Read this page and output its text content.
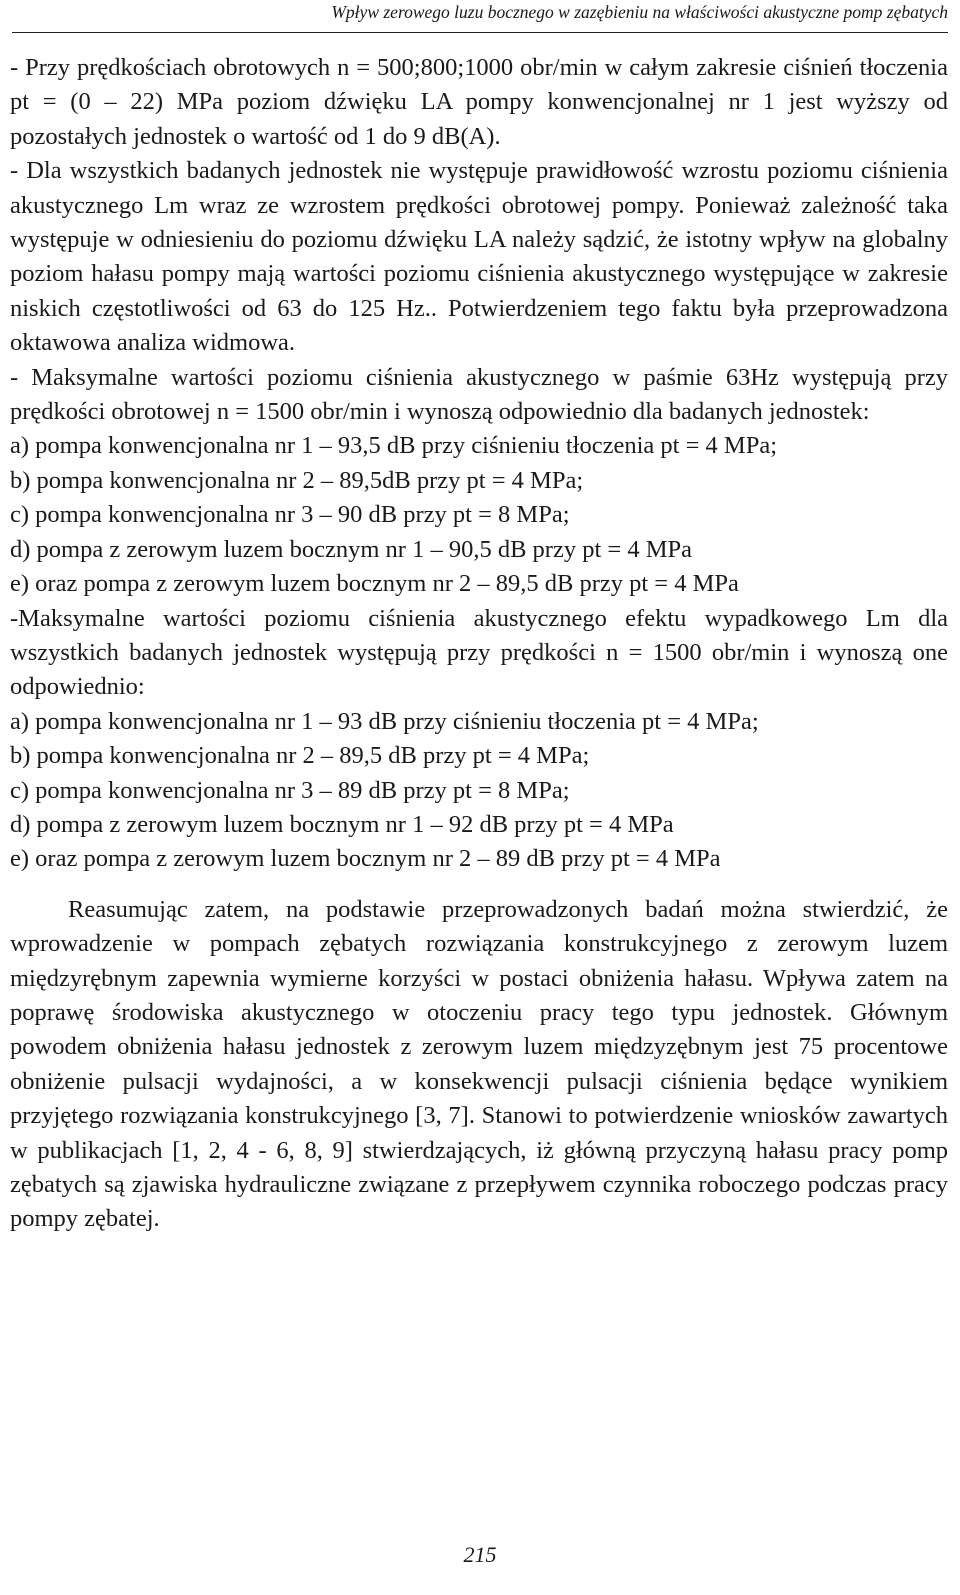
Wpływ zerowego luzu bocznego w zazębieniu na właściwości akustyczne pomp zębatych

- Przy prędkościach obrotowych n = 500;800;1000 obr/min w całym zakresie ciśnień tłoczenia pt = (0 – 22) MPa poziom dźwięku LA pompy konwencjonalnej nr 1 jest wyższy od pozostałych jednostek o wartość od 1 do 9 dB(A).

- Dla wszystkich badanych jednostek nie występuje prawidłowość wzrostu poziomu ciśnienia akustycznego Lm wraz ze wzrostem prędkości obrotowej pompy. Ponieważ zależność taka występuje w odniesieniu do poziomu dźwięku LA należy sądzić, że istotny wpływ na globalny poziom hałasu pompy mają wartości poziomu ciśnienia akustycznego występujące w zakresie niskich częstotliwości od 63 do 125 Hz.. Potwierdzeniem tego faktu była przeprowadzona oktawowa analiza widmowa.

- Maksymalne wartości poziomu ciśnienia akustycznego w paśmie 63Hz występują przy prędkości obrotowej n = 1500 obr/min i wynoszą odpowiednio dla badanych jednostek:

a) pompa konwencjonalna nr 1 – 93,5 dB przy ciśnieniu tłoczenia pt = 4 MPa;

b) pompa konwencjonalna nr 2 – 89,5dB przy pt = 4 MPa;

c) pompa konwencjonalna nr 3 – 90 dB przy pt = 8 MPa;

d) pompa z zerowym luzem bocznym nr 1 – 90,5 dB przy pt = 4 MPa

e) oraz pompa z zerowym luzem bocznym nr 2 – 89,5 dB przy pt = 4 MPa

-Maksymalne wartości poziomu ciśnienia akustycznego efektu wypadkowego Lm dla wszystkich badanych jednostek występują przy prędkości n = 1500 obr/min i wynoszą one odpowiednio:

a) pompa konwencjonalna nr 1 – 93 dB przy ciśnieniu tłoczenia pt = 4 MPa;

b) pompa konwencjonalna nr 2 – 89,5 dB przy pt = 4 MPa;

c) pompa konwencjonalna nr 3 – 89 dB przy pt = 8 MPa;

d) pompa z zerowym luzem bocznym nr 1 – 92 dB przy pt = 4 MPa

e) oraz pompa z zerowym luzem bocznym nr 2 – 89 dB przy pt = 4 MPa

Reasumując zatem, na podstawie przeprowadzonych badań można stwierdzić, że wprowadzenie w pompach zębatych rozwiązania konstrukcyjnego z zerowym luzem międzyrębnym zapewnia wymierne korzyści w postaci obniżenia hałasu. Wpływa zatem na poprawę środowiska akustycznego w otoczeniu pracy tego typu jednostek. Głównym powodem obniżenia hałasu jednostek z zerowym luzem międzyzębnym jest 75 procentowe obniżenie pulsacji wydajności, a w konsekwencji pulsacji ciśnienia będące wynikiem przyjętego rozwiązania konstrukcyjnego [3, 7]. Stanowi to potwierdzenie wniosków zawartych w publikacjach [1, 2, 4 - 6, 8, 9] stwierdzających, iż główną przyczyną hałasu pracy pomp zębatych są zjawiska hydrauliczne związane z przepływem czynnika roboczego podczas pracy pompy zębatej.

215
